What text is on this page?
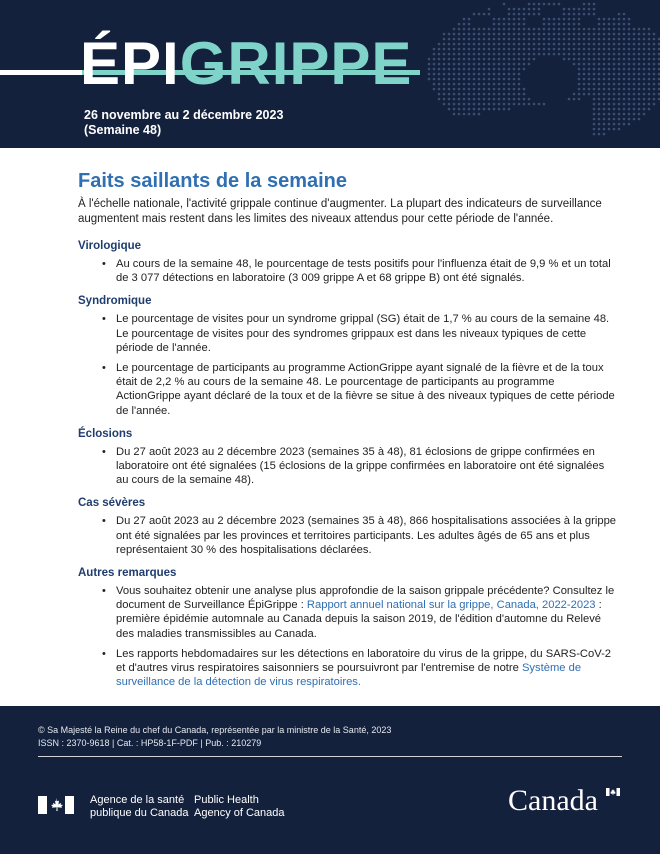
ÉPIGRIPPE
26 novembre au 2 décembre 2023
(Semaine 48)
Faits saillants de la semaine
À l'échelle nationale, l'activité grippale continue d'augmenter. La plupart des indicateurs de surveillance augmentent mais restent dans les limites des niveaux attendus pour cette période de l'année.
Virologique
• Au cours de la semaine 48, le pourcentage de tests positifs pour l'influenza était de 9,9 % et un total de 3 077 détections en laboratoire (3 009 grippe A et 68 grippe B) ont été signalés.
Syndromique
• Le pourcentage de visites pour un syndrome grippal (SG) était de 1,7 % au cours de la semaine 48. Le pourcentage de visites pour des syndromes grippaux est dans les niveaux typiques de cette période de l'année.
• Le pourcentage de participants au programme ActionGrippe ayant signalé de la fièvre et de la toux était de 2,2 % au cours de la semaine 48. Le pourcentage de participants au programme ActionGrippe ayant déclaré de la toux et de la fièvre se situe à des niveaux typiques de cette période de l'année.
Éclosions
• Du 27 août 2023 au 2 décembre 2023 (semaines 35 à 48), 81 éclosions de grippe confirmées en laboratoire ont été signalées (15 éclosions de la grippe confirmées en laboratoire ont été signalées au cours de la semaine 48).
Cas sévères
• Du 27 août 2023 au 2 décembre 2023 (semaines 35 à 48), 866 hospitalisations associées à la grippe ont été signalées par les provinces et territoires participants. Les adultes âgés de 65 ans et plus représentaient 30 % des hospitalisations déclarées.
Autres remarques
• Vous souhaitez obtenir une analyse plus approfondie de la saison grippale précédente? Consultez le document de Surveillance ÉpiGrippe : Rapport annuel national sur la grippe, Canada, 2022-2023 : première épidémie automnale au Canada depuis la saison 2019, de l'édition d'automne du Relevé des maladies transmissibles au Canada.
• Les rapports hebdomadaires sur les détections en laboratoire du virus de la grippe, du SARS-CoV-2 et d'autres virus respiratoires saisonniers se poursuivront par l'entremise de notre Système de surveillance de la détection de virus respiratoires.
© Sa Majesté la Reine du chef du Canada, représentée par la ministre de la Santé, 2023
ISSN : 2370-9618 | Cat. : HP58-1F-PDF | Pub. : 210279
Agence de la santé
publique du Canada
Public Health
Agency of Canada	Canada
